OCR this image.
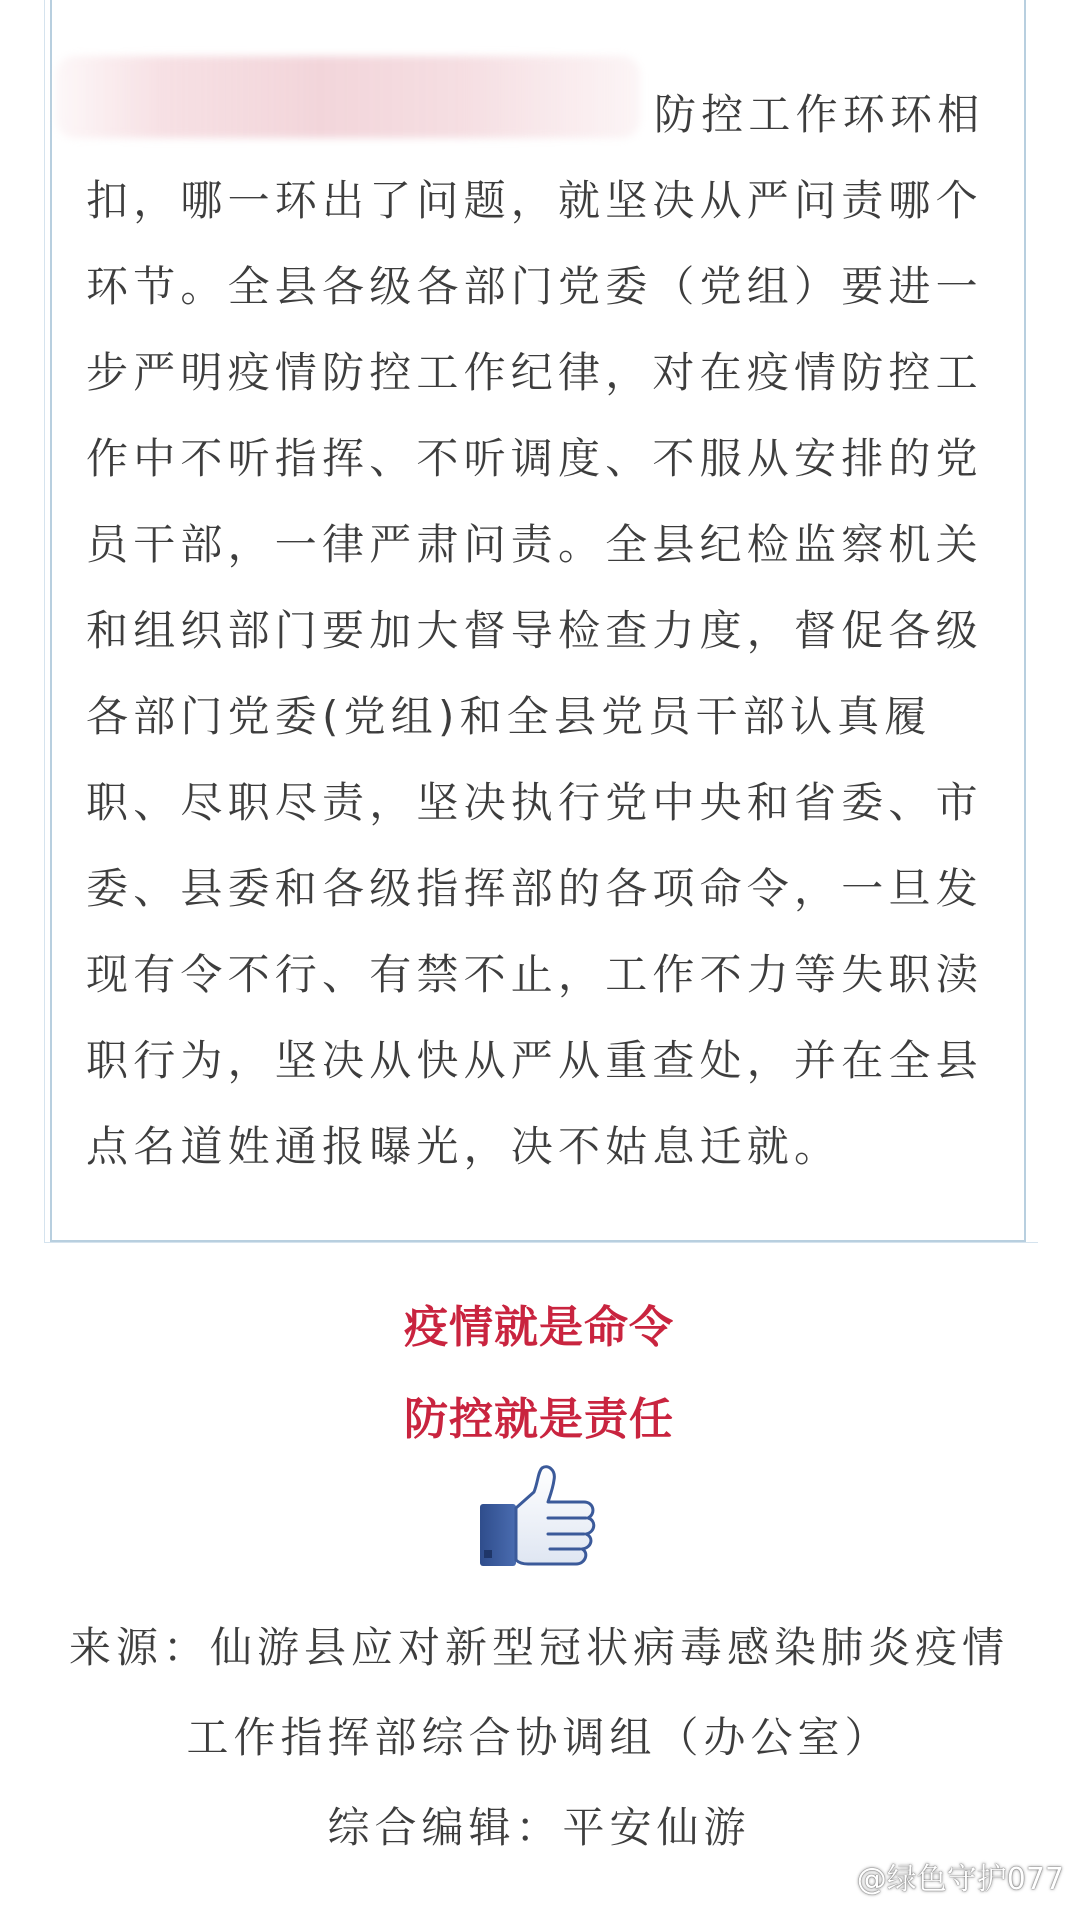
防控工作环环相
扣，哪一环出了问题，就坚决从严问责哪个
环节。全县各级各部门党委（党组）要进一
步严明疫情防控工作纪律，对在疫情防控工
作中不听指挥、不听调度、不服从安排的党
员干部，一律严肃问责。全县纪检监察机关
和组织部门要加大督导检查力度，督促各级
各部门党委(党组)和全县党员干部认真履
职、尽职尽责，坚决执行党中央和省委、市
委、县委和各级指挥部的各项命令，一旦发
现有令不行、有禁不止，工作不力等失职渎
职行为，坚决从快从严从重查处，并在全县
点名道姓通报曝光，决不姑息迁就。
疫情就是命令
防控就是责任
来源：仙游县应对新型冠状病毒感染肺炎疫情
工作指挥部综合协调组（办公室）
综合编辑：平安仙游
@绿色守护077
